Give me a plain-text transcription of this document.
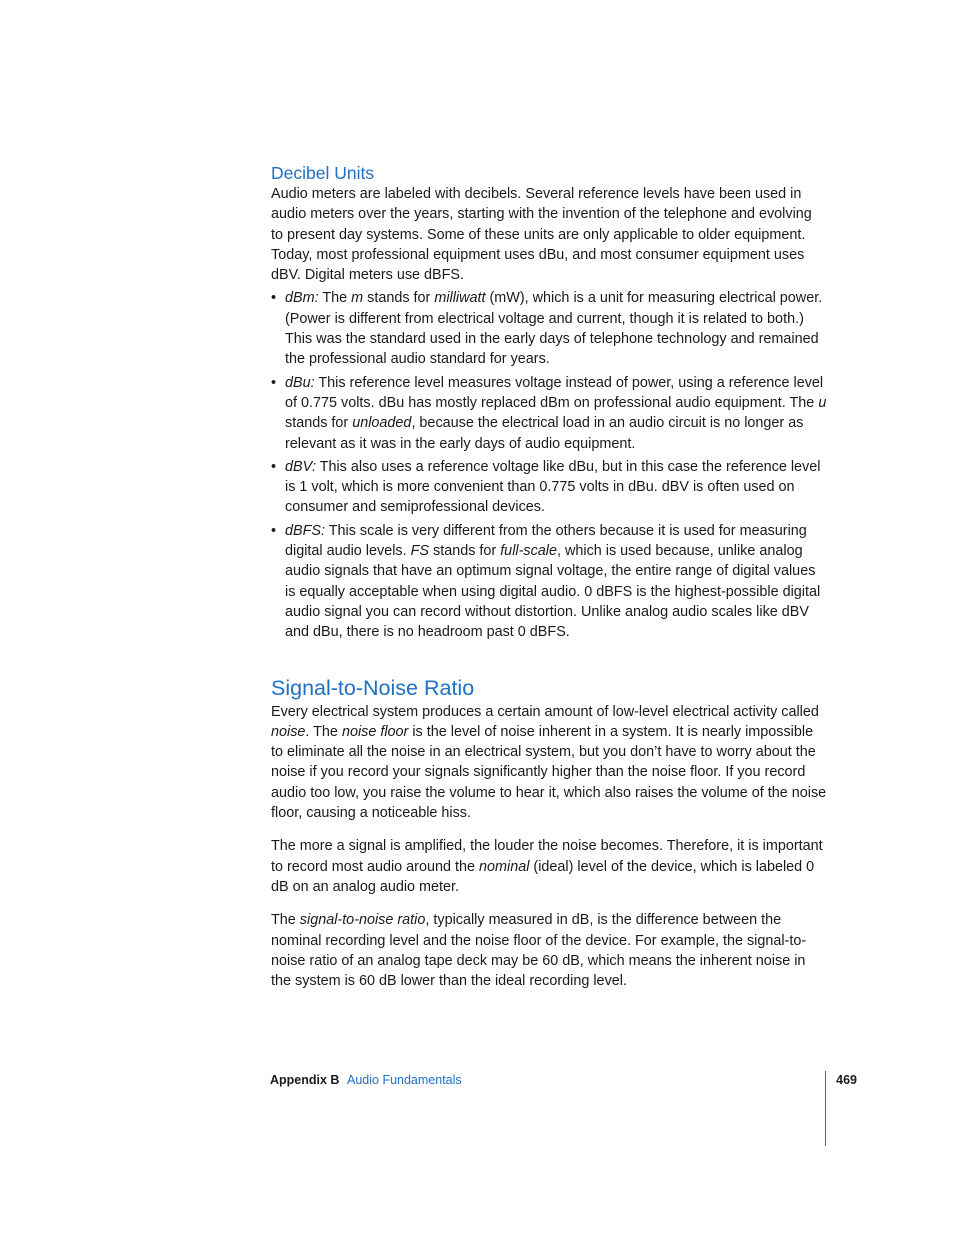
Decibel Units

Audio meters are labeled with decibels. Several reference levels have been used in audio meters over the years, starting with the invention of the telephone and evolving to present day systems. Some of these units are only applicable to older equipment. Today, most professional equipment uses dBu, and most consumer equipment uses dBV. Digital meters use dBFS.

• dBm: The m stands for milliwatt (mW), which is a unit for measuring electrical power. (Power is different from electrical voltage and current, though it is related to both.) This was the standard used in the early days of telephone technology and remained the professional audio standard for years.
• dBu: This reference level measures voltage instead of power, using a reference level of 0.775 volts. dBu has mostly replaced dBm on professional audio equipment. The u stands for unloaded, because the electrical load in an audio circuit is no longer as relevant as it was in the early days of audio equipment.
• dBV: This also uses a reference voltage like dBu, but in this case the reference level is 1 volt, which is more convenient than 0.775 volts in dBu. dBV is often used on consumer and semiprofessional devices.
• dBFS: This scale is very different from the others because it is used for measuring digital audio levels. FS stands for full-scale, which is used because, unlike analog audio signals that have an optimum signal voltage, the entire range of digital values is equally acceptable when using digital audio. 0 dBFS is the highest-possible digital audio signal you can record without distortion. Unlike analog audio scales like dBV and dBu, there is no headroom past 0 dBFS.
Signal-to-Noise Ratio

Every electrical system produces a certain amount of low-level electrical activity called noise. The noise floor is the level of noise inherent in a system. It is nearly impossible to eliminate all the noise in an electrical system, but you don’t have to worry about the noise if you record your signals significantly higher than the noise floor. If you record audio too low, you raise the volume to hear it, which also raises the volume of the noise floor, causing a noticeable hiss.

The more a signal is amplified, the louder the noise becomes. Therefore, it is important to record most audio around the nominal (ideal) level of the device, which is labeled 0 dB on an analog audio meter.

The signal-to-noise ratio, typically measured in dB, is the difference between the nominal recording level and the noise floor of the device. For example, the signal-to-noise ratio of an analog tape deck may be 60 dB, which means the inherent noise in the system is 60 dB lower than the ideal recording level.

Appendix B Audio Fundamentals	469
